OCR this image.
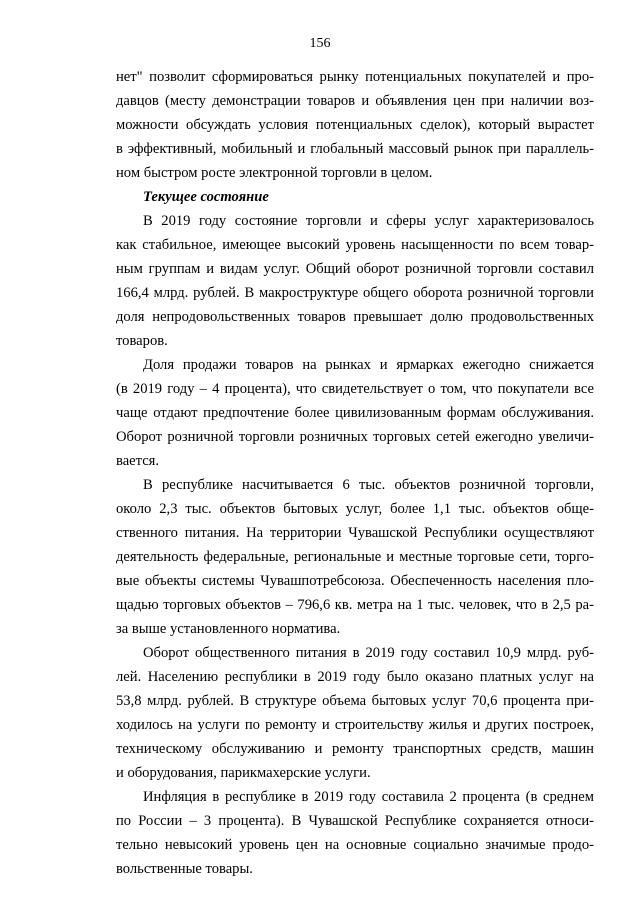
156
нет" позволит сформироваться рынку потенциальных покупателей и про-
давцов (месту демонстрации товаров и объявления цен при наличии воз-
можности обсуждать условия потенциальных сделок), который вырастет
в эффективный, мобильный и глобальный массовый рынок при параллель-
ном быстром росте электронной торговли в целом.
Текущее состояние
В 2019 году состояние торговли и сферы услуг характеризовалось
как стабильное, имеющее высокий уровень насыщенности по всем товар-
ным группам и видам услуг. Общий оборот розничной торговли составил
166,4 млрд. рублей. В макроструктуре общего оборота розничной торговли
доля непродовольственных товаров превышает долю продовольственных
товаров.
Доля продажи товаров на рынках и ярмарках ежегодно снижается
(в 2019 году – 4 процента), что свидетельствует о том, что покупатели все
чаще отдают предпочтение более цивилизованным формам обслуживания.
Оборот розничной торговли розничных торговых сетей ежегодно увеличи-
вается.
В республике насчитывается 6 тыс. объектов розничной торговли,
около 2,3 тыс. объектов бытовых услуг, более 1,1 тыс. объектов обще-
ственного питания. На территории Чувашской Республики осуществляют
деятельность федеральные, региональные и местные торговые сети, торго-
вые объекты системы Чувашпотребсоюза. Обеспеченность населения пло-
щадью торговых объектов – 796,6 кв. метра на 1 тыс. человек, что в 2,5 ра-
за выше установленного норматива.
Оборот общественного питания в 2019 году составил 10,9 млрд. руб-
лей. Населению республики в 2019 году было оказано платных услуг на
53,8 млрд. рублей. В структуре объема бытовых услуг 70,6 процента при-
ходилось на услуги по ремонту и строительству жилья и других построек,
техническому обслуживанию и ремонту транспортных средств, машин
и оборудования, парикмахерские услуги.
Инфляция в республике в 2019 году составила 2 процента (в среднем
по России – 3 процента). В Чувашской Республике сохраняется относи-
тельно невысокий уровень цен на основные социально значимые продо-
вольственные товары.
